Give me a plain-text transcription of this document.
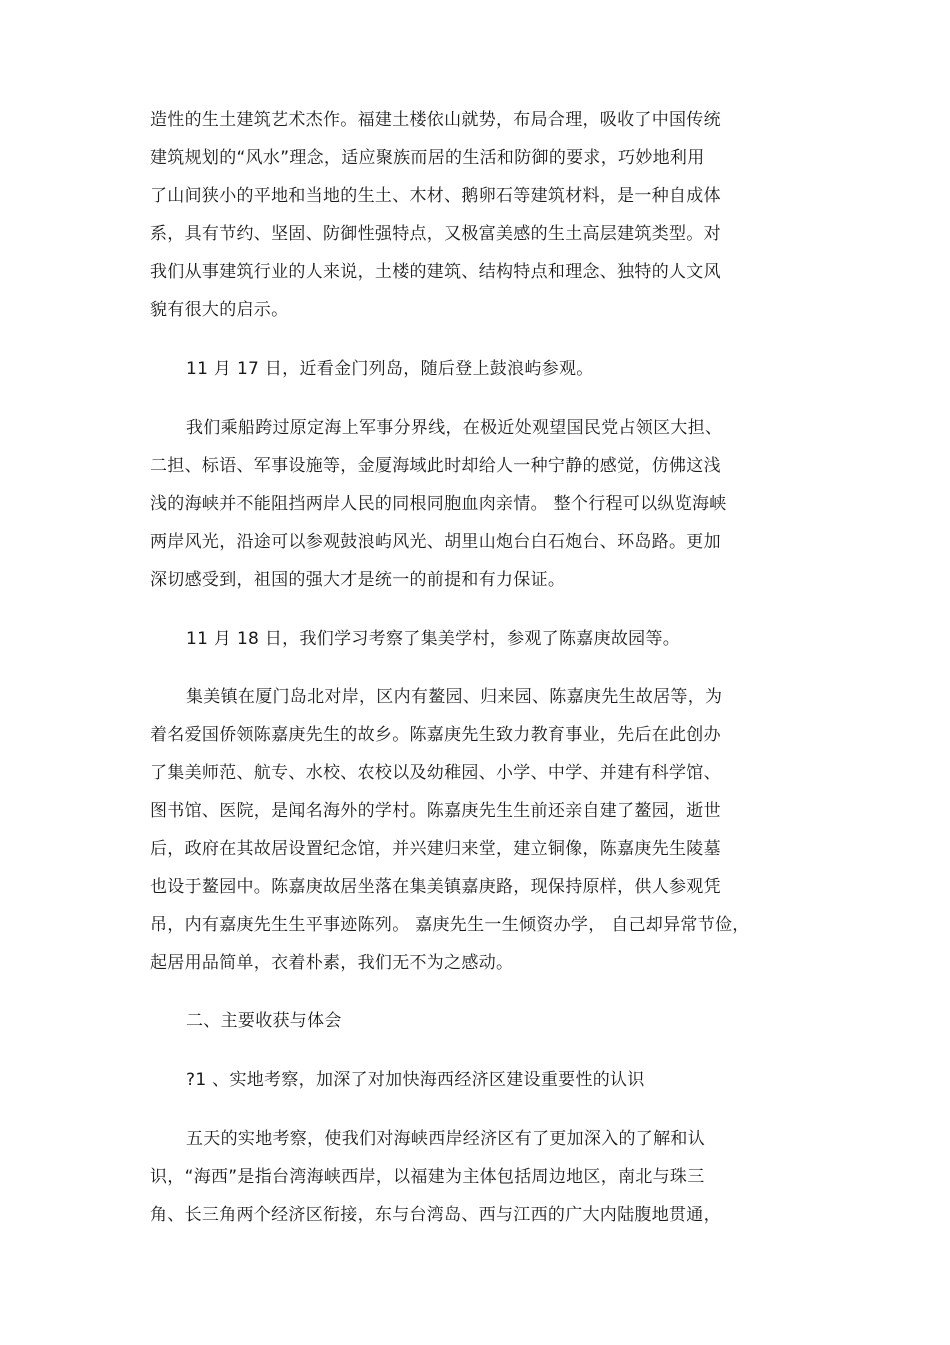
造性的生土建筑艺术杰作。福建土楼依山就势，布局合理，吸收了中国传统
建筑规划的“风水”理念，适应聚族而居的生活和防御的要求，巧妙地利用
了山间狭小的平地和当地的生土、木材、鹅卵石等建筑材料，是一种自成体
系，具有节约、坚固、防御性强特点，又极富美感的生土高层建筑类型。对
我们从事建筑行业的人来说，土楼的建筑、结构特点和理念、独特的人文风
貌有很大的启示。
11 月 17 日，近看金门列岛，随后登上鼓浪屿参观。
我们乘船跨过原定海上军事分界线，在极近处观望国民党占领区大担、
二担、标语、军事设施等，金厦海域此时却给人一种宁静的感觉，仿佛这浅
浅的海峡并不能阻挡两岸人民的同根同胞血肉亲情。 整个行程可以纵览海峡
两岸风光，沿途可以参观鼓浪屿风光、胡里山炮台白石炮台、环岛路。更加
深切感受到，祖国的强大才是统一的前提和有力保证。
11 月 18 日，我们学习考察了集美学村，参观了陈嘉庚故园等。
集美镇在厦门岛北对岸，区内有鳌园、归来园、陈嘉庚先生故居等，为
着名爱国侨领陈嘉庚先生的故乡。陈嘉庚先生致力教育事业，先后在此创办
了集美师范、航专、水校、农校以及幼稚园、小学、中学、并建有科学馆、
图书馆、医院，是闻名海外的学村。陈嘉庚先生生前还亲自建了鳌园，逝世
后，政府在其故居设置纪念馆，并兴建归来堂，建立铜像，陈嘉庚先生陵墓
也设于鳌园中。陈嘉庚故居坐落在集美镇嘉庚路，现保持原样，供人参观凭
吊，内有嘉庚先生生平事迹陈列。 嘉庚先生一生倾资办学， 自己却异常节俭，
起居用品简单，衣着朴素，我们无不为之感动。
二、主要收获与体会
?1 、实地考察，加深了对加快海西经济区建设重要性的认识
五天的实地考察，使我们对海峡西岸经济区有了更加深入的了解和认
识，“海西”是指台湾海峡西岸，以福建为主体包括周边地区，南北与珠三
角、长三角两个经济区衔接，东与台湾岛、西与江西的广大内陆腹地贯通，
